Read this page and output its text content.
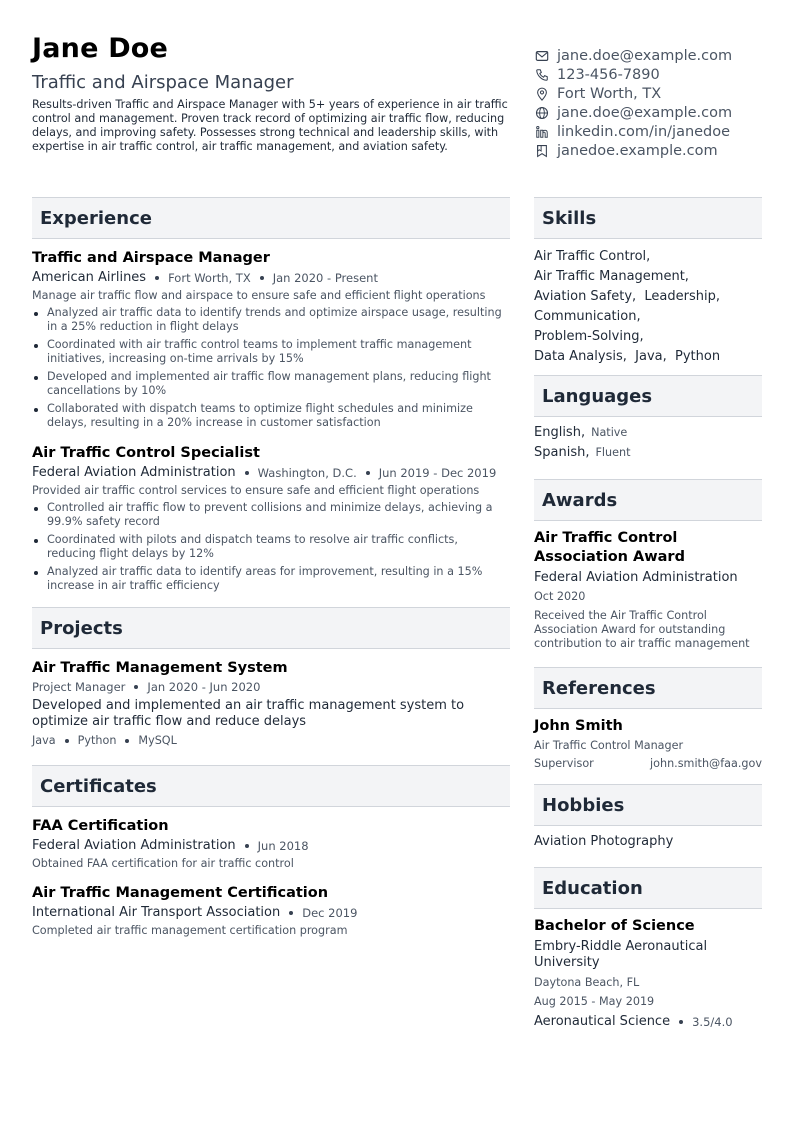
Jane Doe
Traffic and Airspace Manager
Results-driven Traffic and Airspace Manager with 5+ years of experience in air traffic control and management. Proven track record of optimizing air traffic flow, reducing delays, and improving safety. Possesses strong technical and leadership skills, with expertise in air traffic control, air traffic management, and aviation safety.
jane.doe@example.com
123-456-7890
Fort Worth, TX
jane.doe@example.com
linkedin.com/in/janedoe
janedoe.example.com
Experience
Traffic and Airspace Manager
American Airlines Fort Worth, TX Jan 2020 - Present
Manage air traffic flow and airspace to ensure safe and efficient flight operations
Analyzed air traffic data to identify trends and optimize airspace usage, resulting in a 25% reduction in flight delays
Coordinated with air traffic control teams to implement traffic management initiatives, increasing on-time arrivals by 15%
Developed and implemented air traffic flow management plans, reducing flight cancellations by 10%
Collaborated with dispatch teams to optimize flight schedules and minimize delays, resulting in a 20% increase in customer satisfaction
Air Traffic Control Specialist
Federal Aviation Administration Washington, D.C. Jun 2019 - Dec 2019
Provided air traffic control services to ensure safe and efficient flight operations
Controlled air traffic flow to prevent collisions and minimize delays, achieving a 99.9% safety record
Coordinated with pilots and dispatch teams to resolve air traffic conflicts, reducing flight delays by 12%
Analyzed air traffic data to identify areas for improvement, resulting in a 15% increase in air traffic efficiency
Projects
Air Traffic Management System
Project Manager Jan 2020 - Jun 2020
Developed and implemented an air traffic management system to optimize air traffic flow and reduce delays
Java Python MySQL
Certificates
FAA Certification
Federal Aviation Administration Jun 2018
Obtained FAA certification for air traffic control
Air Traffic Management Certification
International Air Transport Association Dec 2019
Completed air traffic management certification program
Skills
Air Traffic Control,
Air Traffic Management,
Aviation Safety, Leadership,
Communication,
Problem-Solving,
Data Analysis, Java, Python
Languages
English, Native
Spanish, Fluent
Awards
Air Traffic Control Association Award
Federal Aviation Administration
Oct 2020
Received the Air Traffic Control Association Award for outstanding contribution to air traffic management
References
John Smith
Air Traffic Control Manager
Supervisor	john.smith@faa.gov
Hobbies
Aviation Photography
Education
Bachelor of Science
Embry-Riddle Aeronautical University
Daytona Beach, FL
Aug 2015 - May 2019
Aeronautical Science 3.5/4.0
